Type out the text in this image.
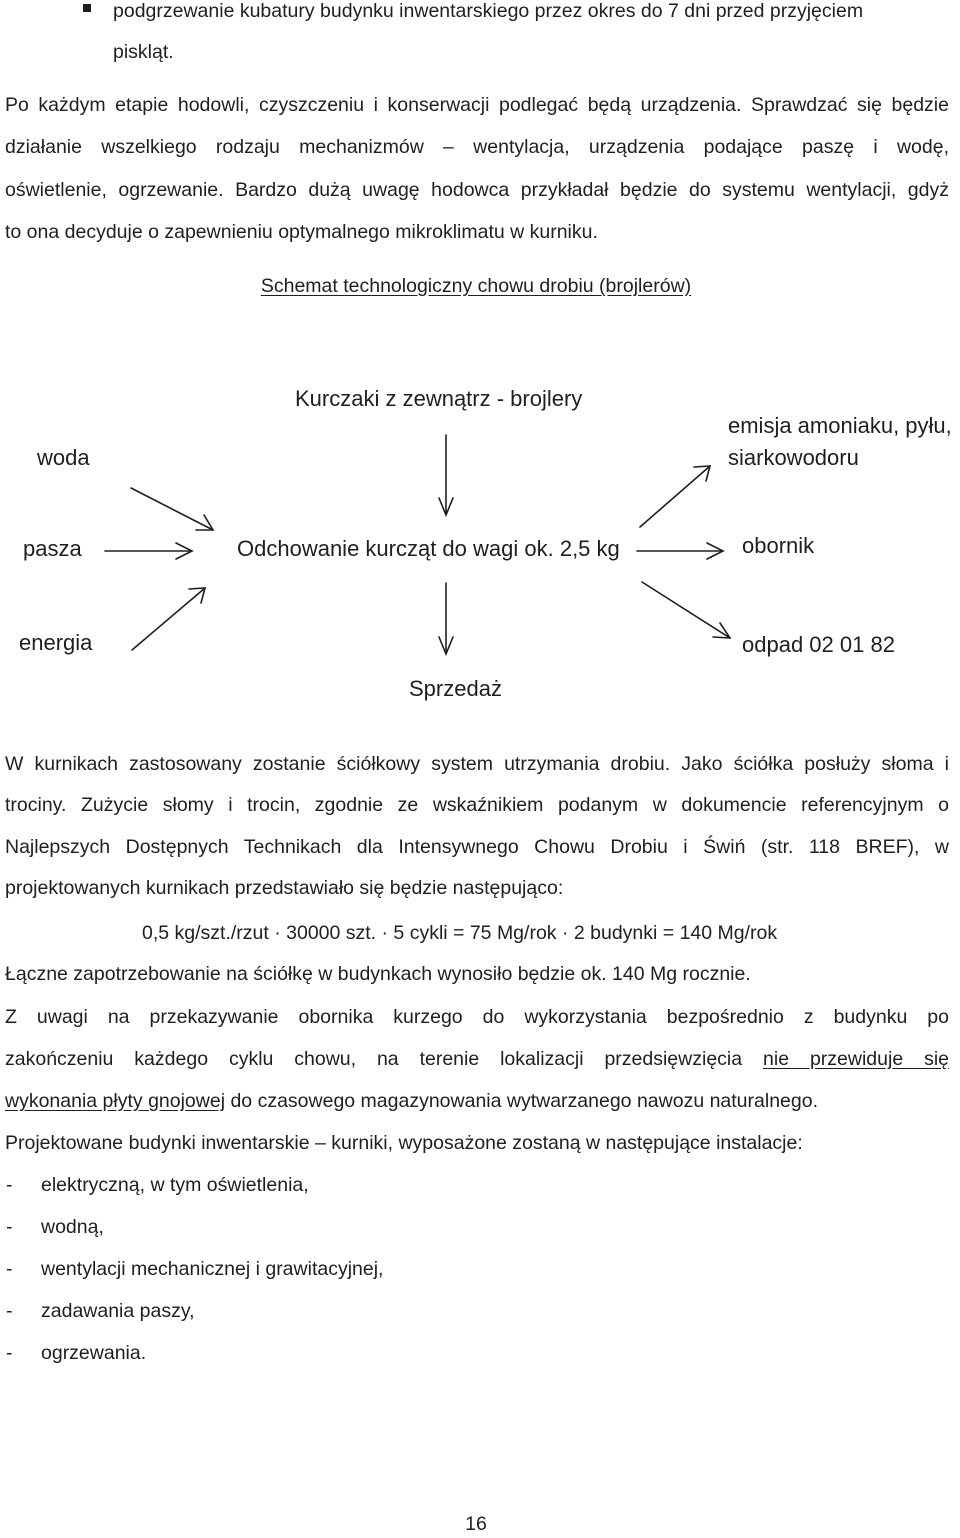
podgrzewanie kubatury budynku inwentarskiego przez okres do 7 dni przed przyjęciem
piskląt.
Po każdym etapie hodowli, czyszczeniu i konserwacji podlegać będą urządzenia. Sprawdzać się będzie
działanie wszelkiego rodzaju mechanizmów – wentylacja, urządzenia podające paszę i wodę,
oświetlenie, ogrzewanie. Bardzo dużą uwagę hodowca przykładał będzie do systemu wentylacji, gdyż
to ona decyduje o zapewnieniu optymalnego mikroklimatu w kurniku.
Schemat technologiczny chowu drobiu (brojlerów)
Kurczaki z zewnątrz - brojlery
woda
emisja amoniaku, pyłu,
siarkowodoru
pasza	Odchowanie kurcząt do wagi ok. 2,5 kg	obornik
energia	odpad 02 01 82
Sprzedaż
W kurnikach zastosowany zostanie ściółkowy system utrzymania drobiu. Jako ściółka posłuży słoma i
trociny. Zużycie słomy i trocin, zgodnie ze wskaźnikiem podanym w dokumencie referencyjnym o
Najlepszych Dostępnych Technikach dla Intensywnego Chowu Drobiu i Świń (str. 118 BREF), w
projektowanych kurnikach przedstawiało się będzie następująco:
0,5 kg/szt./rzut · 30000 szt. · 5 cykli = 75 Mg/rok · 2 budynki = 140 Mg/rok
Łączne zapotrzebowanie na ściółkę w budynkach wynosiło będzie ok. 140 Mg rocznie.
Z uwagi na przekazywanie obornika kurzego do wykorzystania bezpośrednio z budynku po
zakończeniu każdego cyklu chowu, na terenie lokalizacji przedsięwzięcia nie przewiduje się
wykonania płyty gnojowej do czasowego magazynowania wytwarzanego nawozu naturalnego.
Projektowane budynki inwentarskie – kurniki, wyposażone zostaną w następujące instalacje:
- elektryczną, w tym oświetlenia,
- wodną,
- wentylacji mechanicznej i grawitacyjnej,
- zadawania paszy,
- ogrzewania.
16
